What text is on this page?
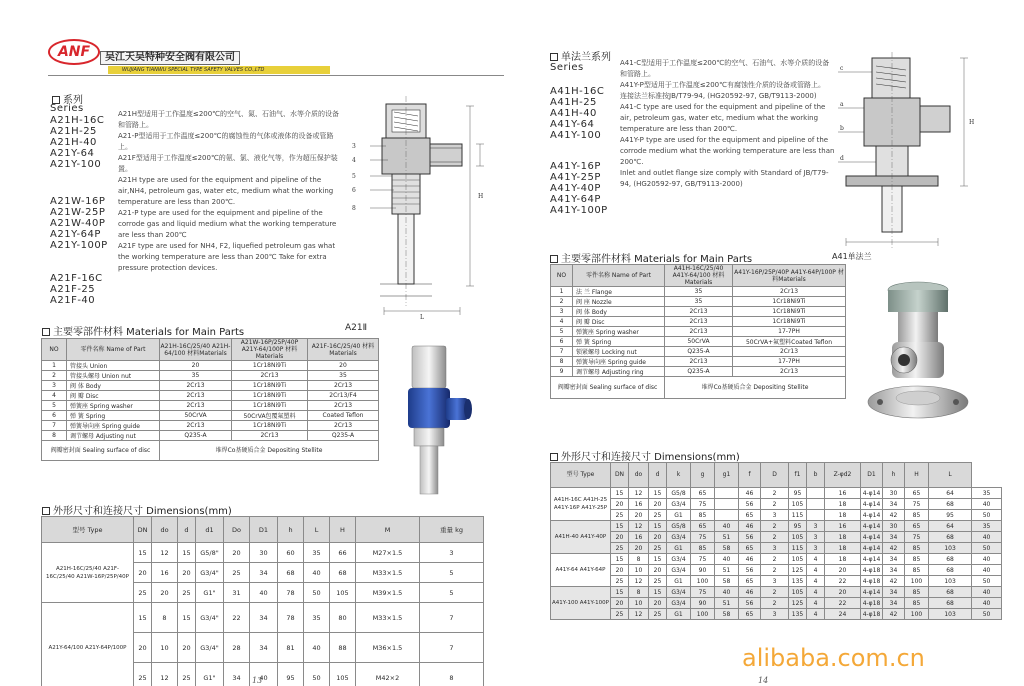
ANF	吴江天吴特种安全阀有限公司
WUJIANG TIANWU SPECIAL TYPE SAFETY VALVES CO.,LTD
系列
Series
A21H-16C
A21H-25
A21H-40
A21Y-64
A21Y-100
A21W-16P
A21W-25P
A21W-40P
A21Y-64P
A21Y-100P
A21F-16C
A21F-25
A21F-40

A21H型适用于工作温度≤200℃的空气、氮、石油气、水等介质的设备和管路上。

A21-P型适用于工作温度≤200℃的腐蚀性的气体或液体的设备或管路上。

A21F型适用于工作温度≤200℃的氨、氯、液化气等，作为超压保护装置。

A21H type are used for the equipment and pipeline of the air,NH4, petroleum gas, water etc, medium what the working temperature are less than 200℃.

A21-P type are used for the equipment and pipeline of the corrode gas and liquid medium what the working temperature are less than 200℃

A21F type are used for NH4, F2, liquefied petroleum gas what the working temperature are less than 200℃ Take for extra pressure protection devices.

3
4
5
6
8
H
L
A21Ⅱ
主要零部件材料 Materials for Main Parts
NO	零件名称 Name of Part	A21H-16C/25/40 A21H-64/100 材料Materials	A21W-16P/25P/40P A21Y-64/100P 材料Materials	A21F-16C/25/40 材料Materials
1	管接头 Union	20	1Cr18Ni9Ti	20
2	管接头螺母 Union nut	35	2Cr13	35
3	阀 体 Body	2Cr13	1Cr18Ni9Ti	2Cr13
4	阀 瓣 Disc	2Cr13	1Cr18Ni9Ti	2Cr13/F4
5	弹簧座 Spring washer	2Cr13	1Cr18Ni9Ti	2Cr13
6	弹 簧 Spring	50CrVA	50CrVA包覆氟塑料	Coated Teflon
7	弹簧导向座 Spring guide	2Cr13	1Cr18Ni9Ti	2Cr13
8	调节螺母 Adjusting nut	Q235-A	2Cr13	Q235-A
阀瓣密封面 Sealing surface of disc		堆焊Co基硬质合金 Depositing Stellite		
外形尺寸和连接尺寸 Dimensions(mm)
型号 Type	DN	do	d	d1	Do	D1	h	L	H	M	重量 kg
A21H-16C/25/40 A21F-16C/25/40 A21W-16P/25P/40P	15	12	15	G5/8"	20	30	60	35	66	M27×1.5	3
	20	16	20	G3/4"	25	34	68	40	68	M33×1.5	5
	25	20	25	G1"	31	40	78	50	105	M39×1.5	5
A21Y-64/100 A21Y-64P/100P	15	8	15	G3/4"	22	34	78	35	80	M33×1.5	7
	20	10	20	G3/4"	28	34	81	40	88	M36×1.5	7
	25	12	25	G1"	34	40	95	50	105	M42×2	8
13
单法兰系列
Series
A41H-16C
A41H-25
A41H-40
A41Y-64
A41Y-100
A41Y-16P
A41Y-25P
A41Y-40P
A41Y-64P
A41Y-100P

A41-C型适用于工作温度≤200℃的空气、石油气、水等介质的设备和管路上。

A41Y-P型适用于工作温度≤200℃有腐蚀性介质的设备或管路上。

连接法兰标准按JB/T79-94, (HG20592-97, GB/T9113-2000)

A41-C type are used for the equipment and pipeline of the air, petroleum gas, water etc, medium what the working temperature are less than 200℃.

A41Y-P type are used for the equipment and pipeline of the corrode medium what the working temperature are less than 200℃.

Inlet and outlet flange size comply with Standard of JB/T79-94, (HG20592-97, GB/T9113-2000)

c
a
b
d
H
A41单法兰
主要零部件材料 Materials for Main Parts
NO	零件名称 Name of Part	A41H-16C/25/40 A41Y-64/100 材料Materials	A41Y-16P/25P/40P A41Y-64P/100P 材料Materials
1	法 兰 Flange	35	2Cr13
2	阀 座 Nozzle	35	1Cr18Ni9Ti
3	阀 体 Body	2Cr13	1Cr18Ni9Ti
4	阀 瓣 Disc	2Cr13	1Cr18Ni9Ti
5	弹簧座 Spring washer	2Cr13	17-7PH
6	弹 簧 Spring	50CrVA	50CrVA+氟塑料Coated Teflon
7	锁紧螺母 Locking nut	Q235-A	2Cr13
8	弹簧导向座 Spring guide	2Cr13	17-7PH
9	调节螺母 Adjusting ring	Q235-A	2Cr13
阀瓣密封面 Sealing surface of disc		堆焊Co基硬质合金 Depositing Stellite	
外形尺寸和连接尺寸 Dimensions(mm)
型号 Type	DN	do	d	k	g	g1	f	D	f1	b	Z-φd2	D1	h	H	L	
A41H-16C A41H-25 A41Y-16P A41Y-25P	15	12	15	G5/8	65		46	2	95		16	4-φ14	30	65	64	35
	20	16	20	G3/4	75		56	2	105		18	4-φ14	34	75	68	40
	25	20	25	G1	85		65	3	115		18	4-φ14	42	85	95	50
A41H-40 A41Y-40P	15	12	15	G5/8	65	40	46	2	95	3	16	4-φ14	30	65	64	35
	20	16	20	G3/4	75	51	56	2	105	3	18	4-φ14	34	75	68	40
	25	20	25	G1	85	58	65	3	115	3	18	4-φ14	42	85	103	50
A41Y-64 A41Y-64P	15	8	15	G3/4	75	40	46	2	105	4	18	4-φ14	34	85	68	40
	20	10	20	G3/4	90	51	56	2	125	4	20	4-φ18	34	85	68	40
	25	12	25	G1	100	58	65	3	135	4	22	4-φ18	42	100	103	50
A41Y-100 A41Y-100P	15	8	15	G3/4	75	40	46	2	105	4	20	4-φ14	34	85	68	40
	20	10	20	G3/4	90	51	56	2	125	4	22	4-φ18	34	85	68	40
	25	12	25	G1	100	58	65	3	135	4	24	4-φ18	42	100	103	50
alibaba.com.cn
14
